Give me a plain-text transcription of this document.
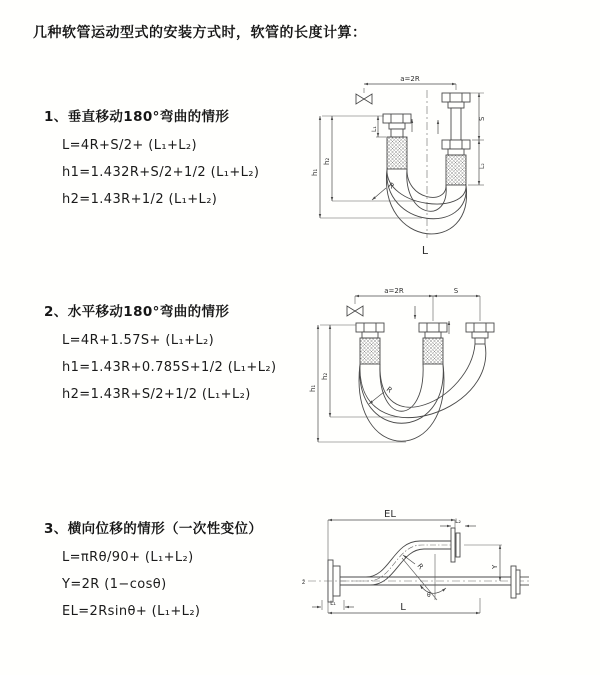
几种软管运动型式的安装方式时，软管的长度计算：
1、垂直移动180°弯曲的情形
L=4R+S/2+ (L₁+L₂)
h1=1.432R+S/2+1/2 (L₁+L₂)
h2=1.43R+1/2 (L₁+L₂)
2、水平移动180°弯曲的情形
L=4R+1.57S+ (L₁+L₂)
h1=1.43R+0.785S+1/2 (L₁+L₂)
h2=1.43R+S/2+1/2 (L₁+L₂)
3、横向位移的情形（一次性变位）
L=πRθ/90+ (L₁+L₂)
Y=2R (1−cosθ)
EL=2Rsinθ+ (L₁+L₂)
a=2R
h₁
h₂
L₁
S
L₂
R
L
a=2R	S
h₁
h₂
R
EL
L₂
z̄
Y
θ
R
L
L₁
